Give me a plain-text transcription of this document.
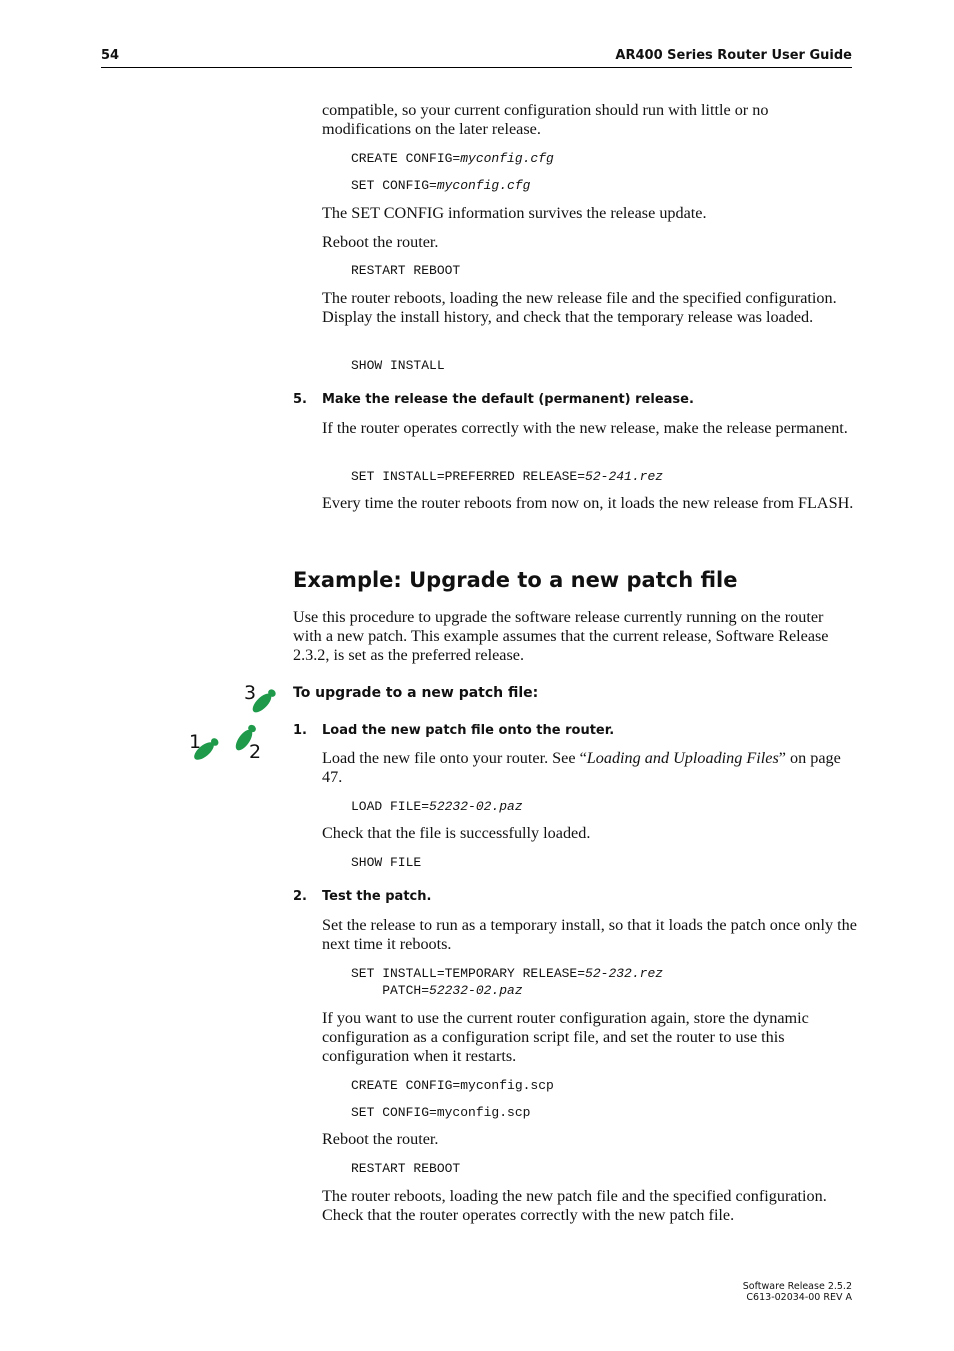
54	AR400 Series Router User Guide
compatible, so your current configuration should run with little or no modifications on the later release.
CREATE CONFIG=myconfig.cfg
SET CONFIG=myconfig.cfg
The SET CONFIG information survives the release update.
Reboot the router.
RESTART REBOOT
The router reboots, loading the new release file and the specified configuration. Display the install history, and check that the temporary release was loaded.
SHOW INSTALL
5. Make the release the default (permanent) release.
If the router operates correctly with the new release, make the release permanent.
SET INSTALL=PREFERRED RELEASE=52-241.rez
Every time the router reboots from now on, it loads the new release from FLASH.
Example: Upgrade to a new patch file
Use this procedure to upgrade the software release currently running on the router with a new patch. This example assumes that the current release, Software Release 2.3.2, is set as the preferred release.
3
1	2
To upgrade to a new patch file:
1. Load the new patch file onto the router.
Load the new file onto your router. See “Loading and Uploading Files” on page 47.
LOAD FILE=52232-02.paz
Check that the file is successfully loaded.
SHOW FILE
2. Test the patch.
Set the release to run as a temporary install, so that it loads the patch once only the next time it reboots.
SET INSTALL=TEMPORARY RELEASE=52-232.rez
PATCH=52232-02.paz
If you want to use the current router configuration again, store the dynamic configuration as a configuration script file, and set the router to use this configuration when it restarts.
CREATE CONFIG=myconfig.scp
SET CONFIG=myconfig.scp
Reboot the router.
RESTART REBOOT
The router reboots, loading the new patch file and the specified configuration. Check that the router operates correctly with the new patch file.
Software Release 2.5.2
C613-02034-00 REV A
